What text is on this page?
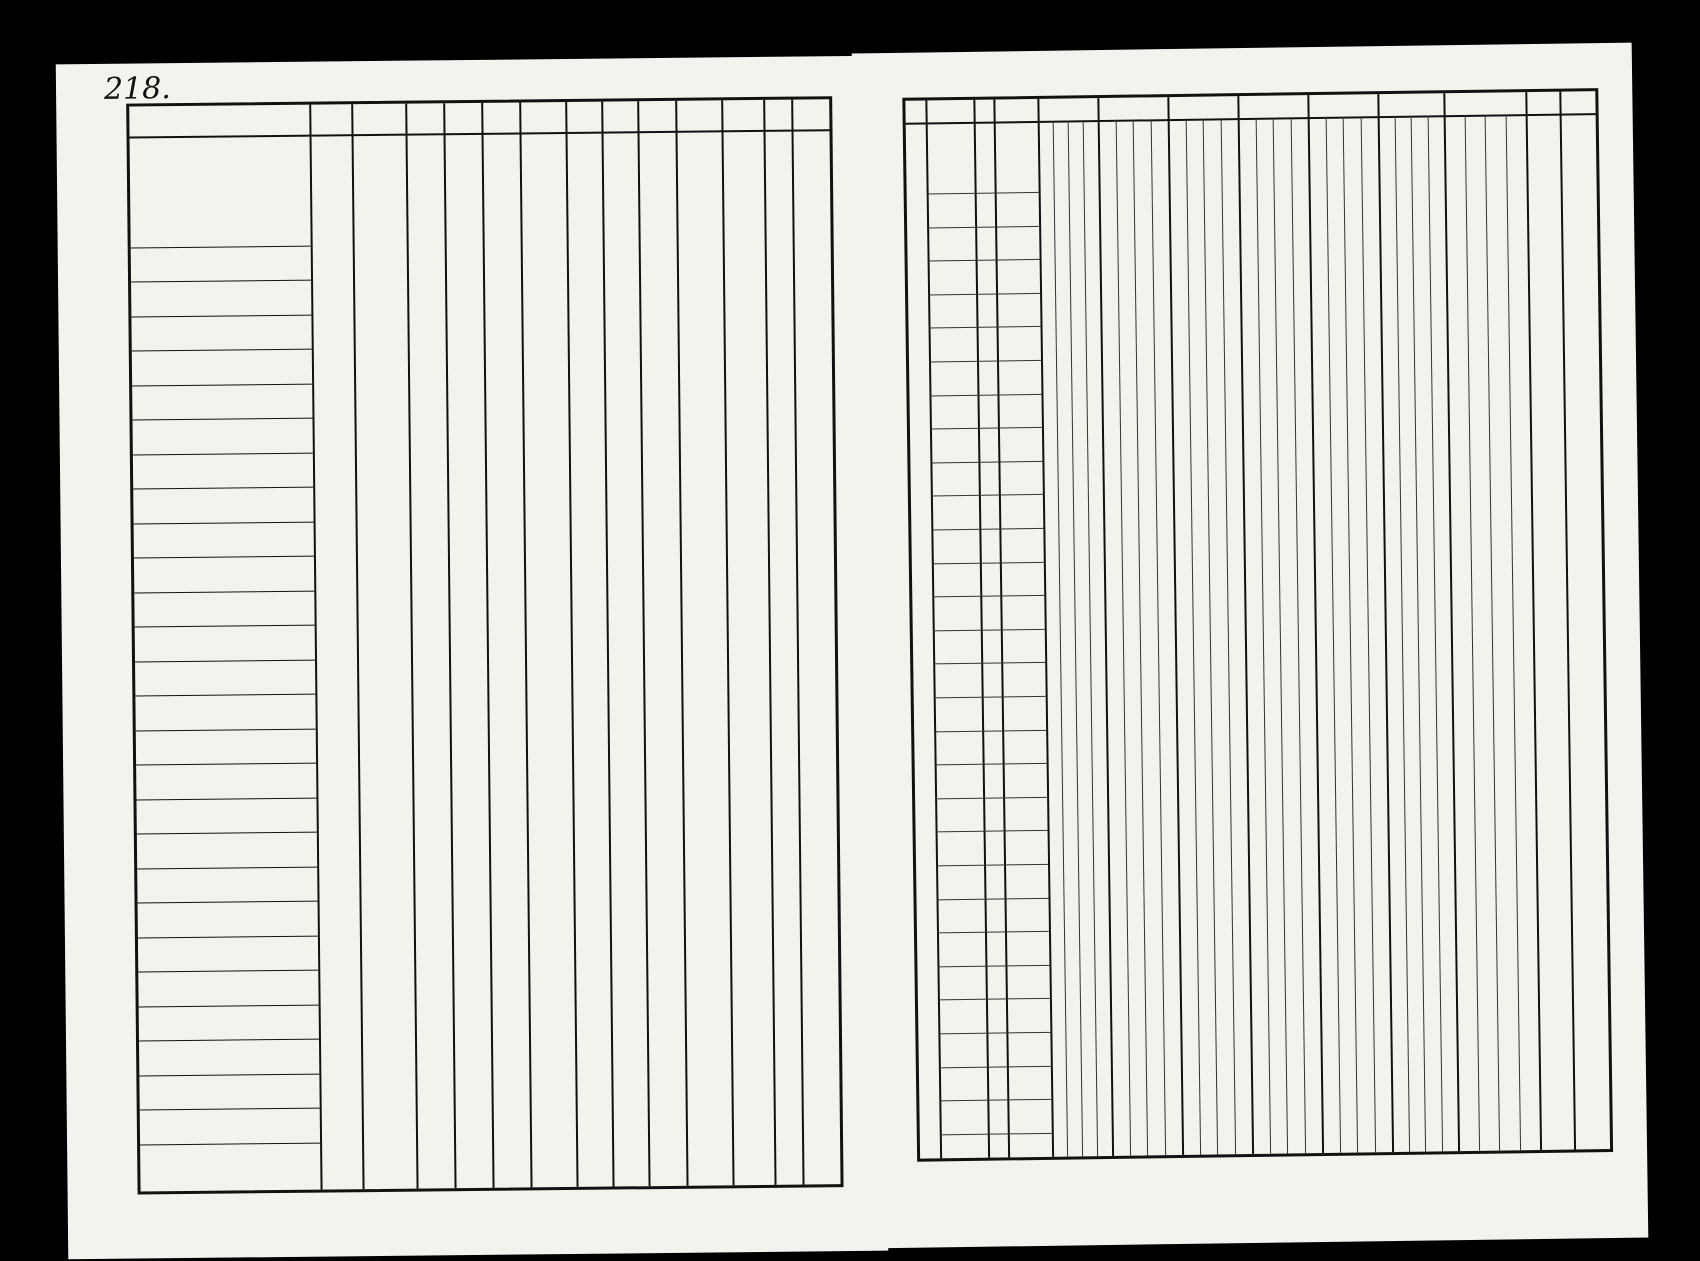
218.
